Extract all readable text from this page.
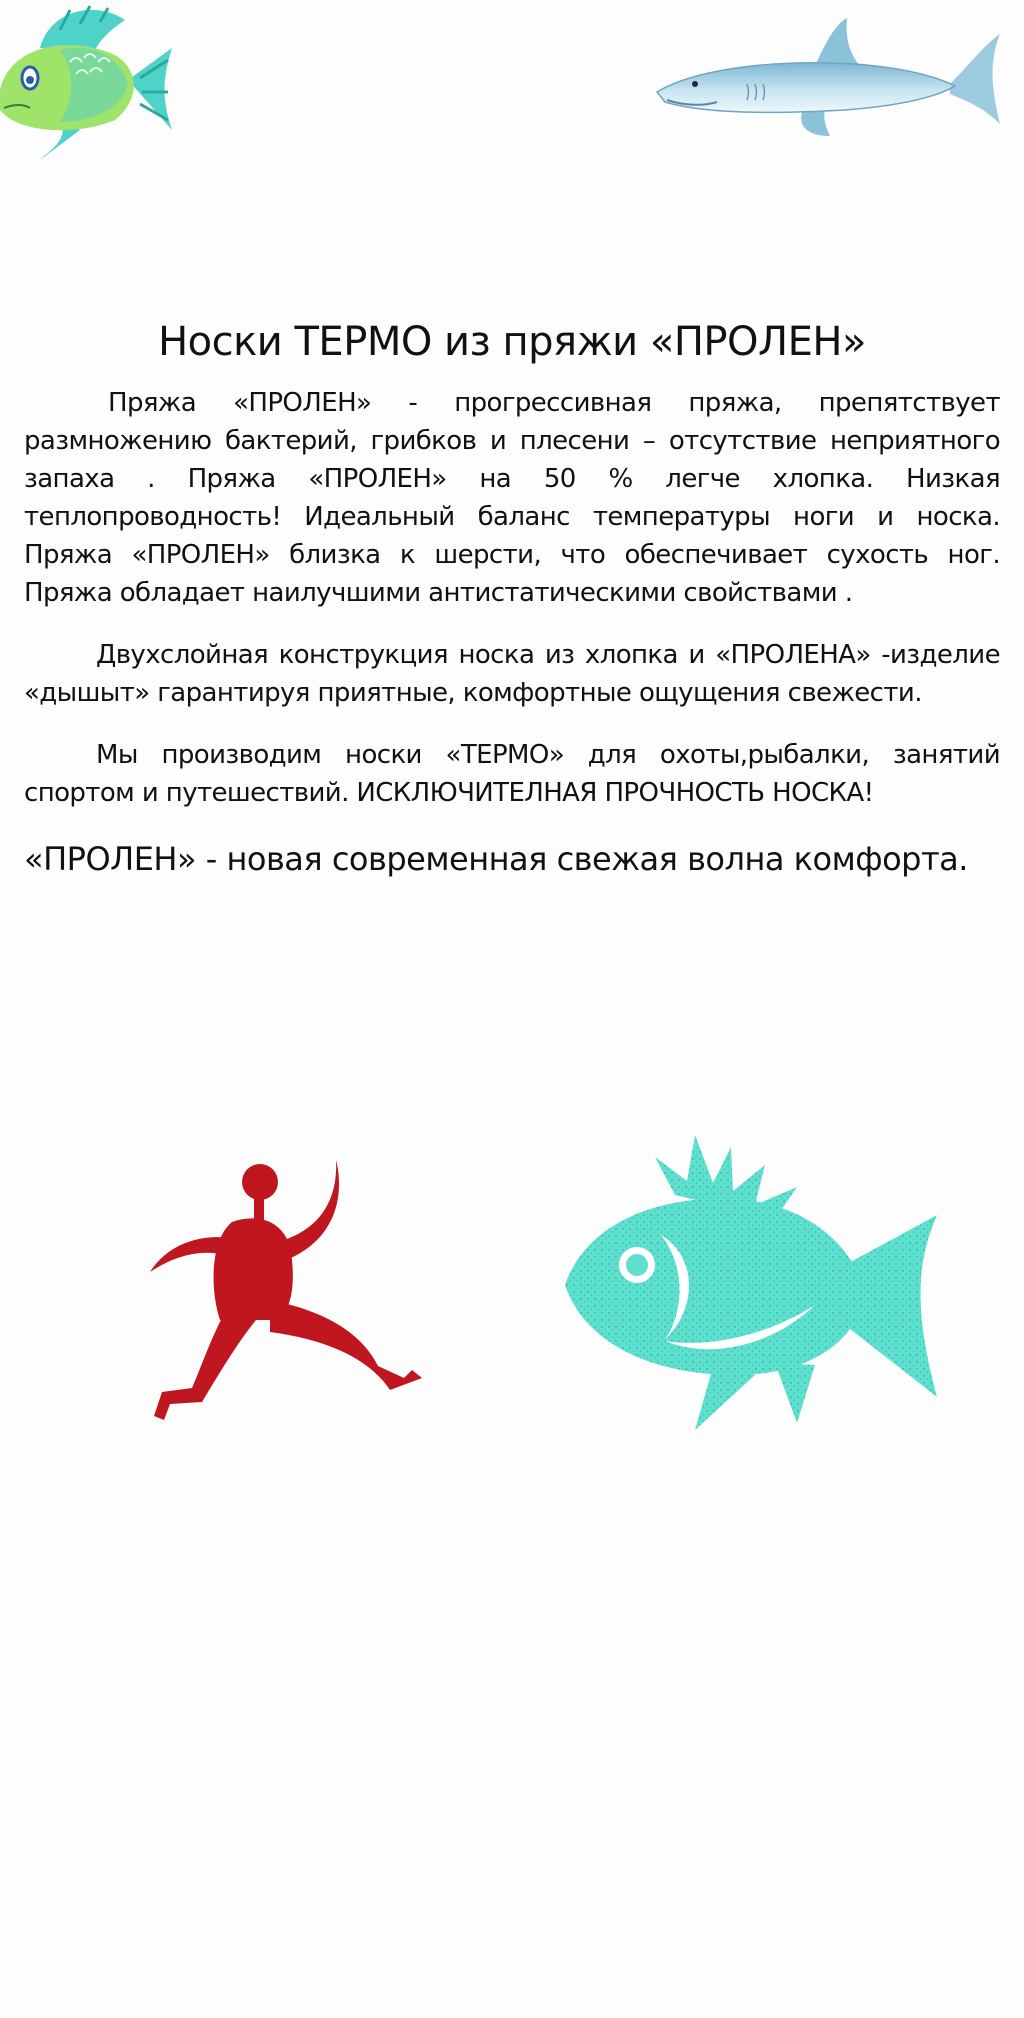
Носки ТЕРМО из пряжи «ПРОЛЕН»

Пряжа «ПРОЛЕН» - прогрессивная пряжа, препятствует размножению бактерий, грибков и плесени – отсутствие неприятного запаха . Пряжа «ПРОЛЕН» на 50 % легче хлопка. Низкая теплопроводность! Идеальный баланс температуры ноги и носка. Пряжа «ПРОЛЕН» близка к шерсти, что обеспечивает сухость ног. Пряжа обладает наилучшими антистатическими свойствами .

Двухслойная конструкция носка из хлопка и «ПРОЛЕНА» -изделие «дышыт» гарантируя приятные, комфортные ощущения свежести.

Мы производим носки «ТЕРМО» для охоты,рыбалки, занятий спортом и путешествий. ИСКЛЮЧИТЕЛНАЯ ПРОЧНОСТЬ НОСКА!

«ПРОЛЕН» - новая современная свежая волна комфорта.
